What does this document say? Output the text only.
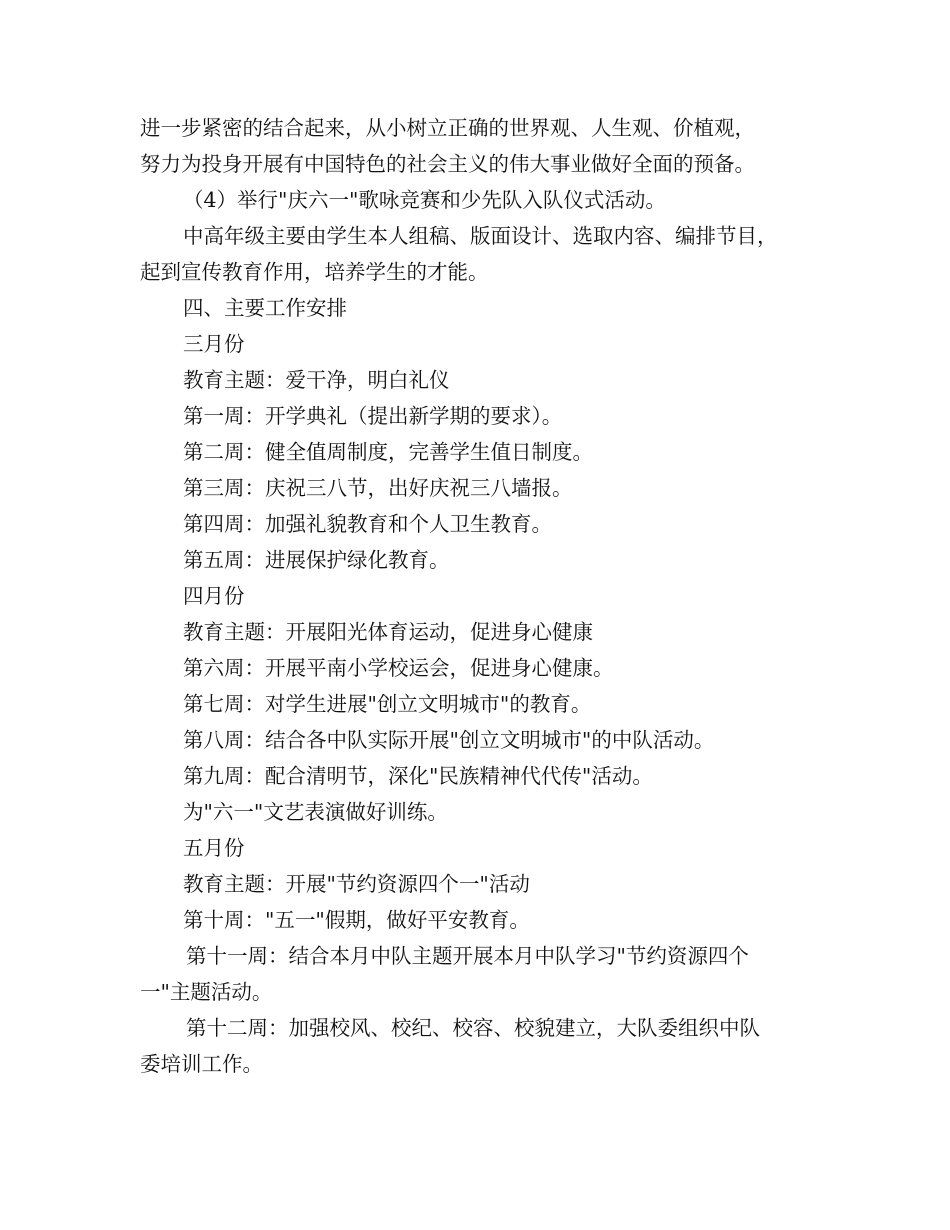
进一步紧密的结合起来，从小树立正确的世界观、人生观、价植观，
努力为投身开展有中国特色的社会主义的伟大事业做好全面的预备。
（4）举行"庆六一"歌咏竞赛和少先队入队仪式活动。
中高年级主要由学生本人组稿、版面设计、选取内容、编排节目，
起到宣传教育作用，培养学生的才能。
四、主要工作安排
三月份
教育主题：爱干净，明白礼仪
第一周：开学典礼（提出新学期的要求）。
第二周：健全值周制度，完善学生值日制度。
第三周：庆祝三八节，出好庆祝三八墙报。
第四周：加强礼貌教育和个人卫生教育。
第五周：进展保护绿化教育。
四月份
教育主题：开展阳光体育运动，促进身心健康
第六周：开展平南小学校运会，促进身心健康。
第七周：对学生进展"创立文明城市"的教育。
第八周：结合各中队实际开展"创立文明城市"的中队活动。
第九周：配合清明节，深化"民族精神代代传"活动。
为"六一"文艺表演做好训练。
五月份
教育主题：开展"节约资源四个一"活动
第十周："五一"假期，做好平安教育。
第十一周：结合本月中队主题开展本月中队学习"节约资源四个
一"主题活动。
第十二周：加强校风、校纪、校容、校貌建立，大队委组织中队
委培训工作。
